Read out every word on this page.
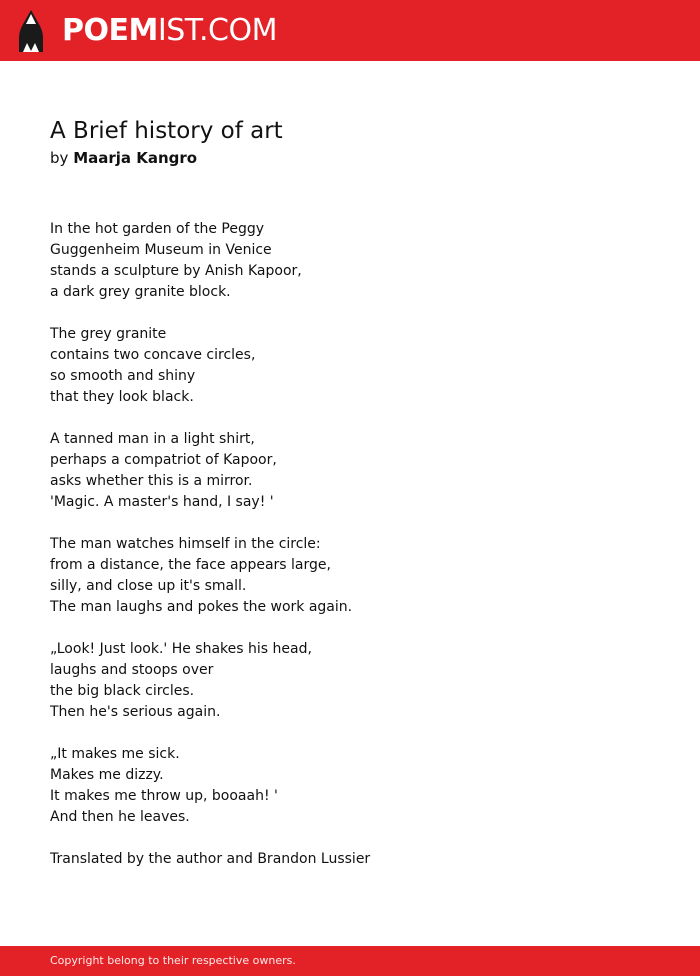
POEMIST.COM
A Brief history of art
by Maarja Kangro
In the hot garden of the Peggy
Guggenheim Museum in Venice
stands a sculpture by Anish Kapoor,
a dark grey granite block.
The grey granite
contains two concave circles,
so smooth and shiny
that they look black.
A tanned man in a light shirt,
perhaps a compatriot of Kapoor,
asks whether this is a mirror.
'Magic. A master's hand, I say! '
The man watches himself in the circle:
from a distance, the face appears large,
silly, and close up it's small.
The man laughs and pokes the work again.
„Look! Just look.' He shakes his head,
laughs and stoops over
the big black circles.
Then he's serious again.
„It makes me sick.
Makes me dizzy.
It makes me throw up, booaah! '
And then he leaves.
Translated by the author and Brandon Lussier
Copyright belong to their respective owners.
